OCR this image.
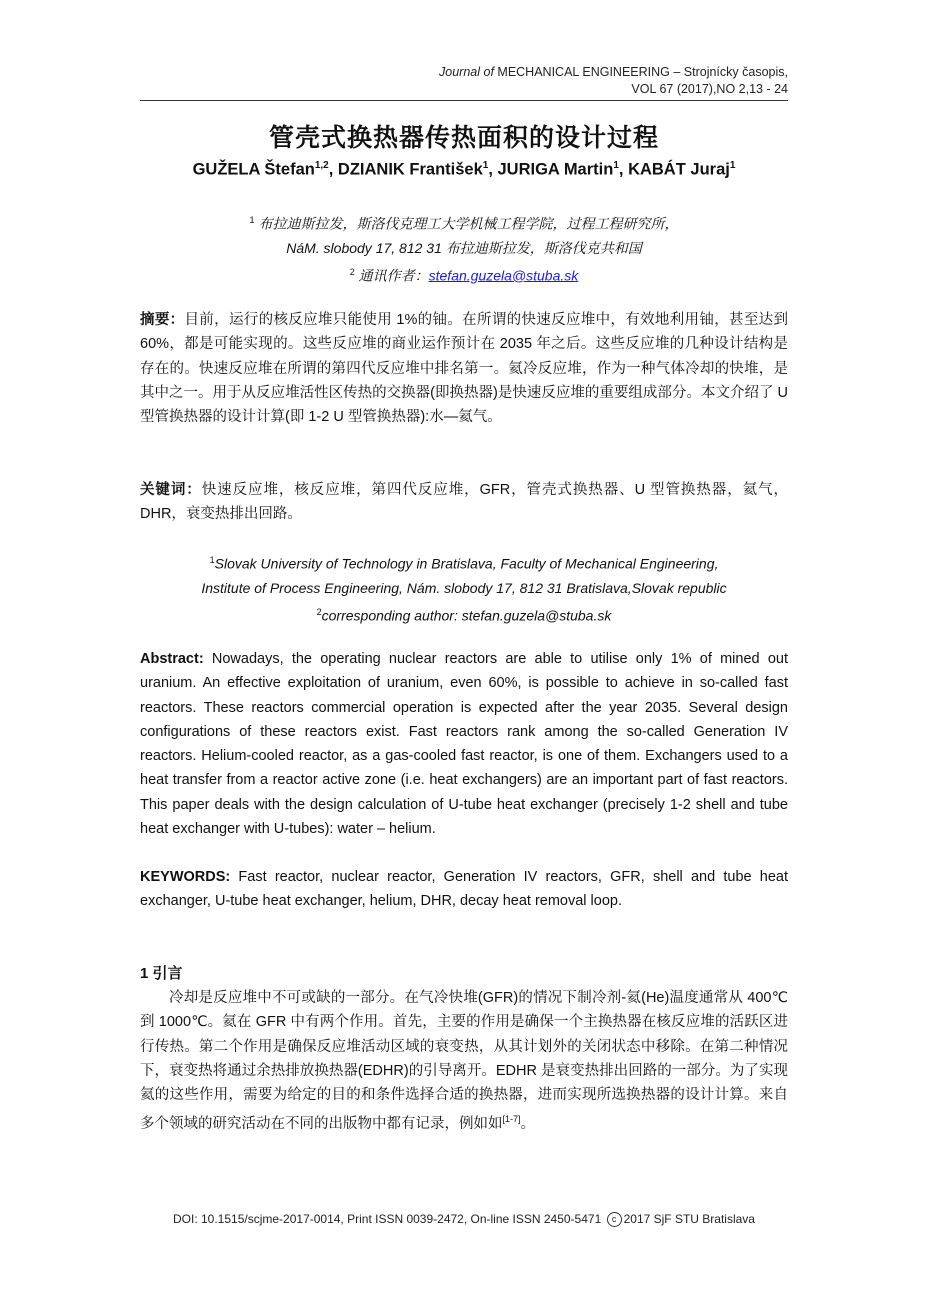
Journal of MECHANICAL ENGINEERING – Strojnícky časopis,
VOL 67 (2017),NO 2,13 - 24
管壳式换热器传热面积的设计过程
GUŽELA Štefan$^{1,2}$, DZIANIK František$^1$, JURIGA Martin$^1$, KABÁT Juraj$^1$
$^1$ 布拉迪斯拉发，斯洛伐克理工大学机械工程学院，过程工程研究所，
NáM. slobody 17, 812 31 布拉迪斯拉发，斯洛伐克共和国
$^2$ 通讯作者：stefan.guzela@stuba.sk
摘要：目前，运行的核反应堆只能使用 1%的铀。在所谓的快速反应堆中，有效地利用铀，甚至达到 60%，都是可能实现的。这些反应堆的商业运作预计在 2035 年之后。这些反应堆的几种设计结构是存在的。快速反应堆在所谓的第四代反应堆中排名第一。氦冷反应堆，作为一种气体冷却的快堆，是其中之一。用于从反应堆活性区传热的交换器(即换热器)是快速反应堆的重要组成部分。本文介绍了 U 型管换热器的设计计算(即 1-2 U 型管换热器):水—氦气。
关键词：快速反应堆，核反应堆，第四代反应堆，GFR，管壳式换热器、U 型管换热器，氦气，DHR，衰变热排出回路。
$^1$Slovak University of Technology in Bratislava, Faculty of Mechanical Engineering,
Institute of Process Engineering, Nám. slobody 17, 812 31 Bratislava,Slovak republic
$^2$corresponding author: stefan.guzela@stuba.sk
Abstract: Nowadays, the operating nuclear reactors are able to utilise only 1% of mined out uranium. An effective exploitation of uranium, even 60%, is possible to achieve in so-called fast reactors. These reactors commercial operation is expected after the year 2035. Several design configurations of these reactors exist. Fast reactors rank among the so-called Generation IV reactors. Helium-cooled reactor, as a gas-cooled fast reactor, is one of them. Exchangers used to a heat transfer from a reactor active zone (i.e. heat exchangers) are an important part of fast reactors. This paper deals with the design calculation of U-tube heat exchanger (precisely 1-2 shell and tube heat exchanger with U-tubes): water – helium.
KEYWORDS: Fast reactor, nuclear reactor, Generation IV reactors, GFR, shell and tube heat exchanger, U-tube heat exchanger, helium, DHR, decay heat removal loop.
1 引言
冷却是反应堆中不可或缺的一部分。在气冷快堆(GFR)的情况下制冷剂-氦(He)温度通常从 400℃到 1000℃。氦在 GFR 中有两个作用。首先，主要的作用是确保一个主换热器在核反应堆的活跃区进行传热。第二个作用是确保反应堆活动区域的衰变热，从其计划外的关闭状态中移除。在第二种情况下，衰变热将通过余热排放换热器(EDHR)的引导离开。EDHR 是衰变热排出回路的一部分。为了实现氦的这些作用，需要为给定的目的和条件选择合适的换热器，进而实现所选换热器的设计计算。来自多个领域的研究活动在不同的出版物中都有记录，例如如[1-7]。
DOI: 10.1515/scjme-2017-0014, Print ISSN 0039-2472, On-line ISSN 2450-5471 c 2017 SjF STU Bratislava
